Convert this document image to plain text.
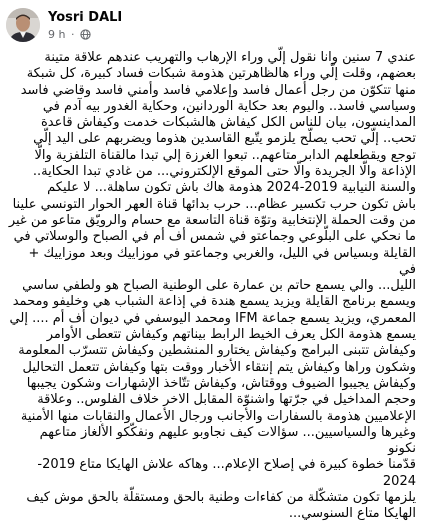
Yosri DALI
9 h ·
عندي 7 سنين وانا نقول إلّي وراء الإرهاب والتهريب عندهم علاقة متينة
بعضهم، وقلت إلّي وراء هالظاهرتين هذومة شبكات فساد كبيرة، كل شبكة
منها تتكوّن من رجل أعمال فاسد وإعلامي فاسد وأمني فاسد وقاضي فاسد
وسياسي فاسد.. واليوم بعد حكاية الوردانين، وحكاية الغدور بيه آدم في
المداينسون، بيان للناس الكل كيفاش هالشبكات خدمت وكيفاش قاعدة
تحب.. إلّي تحب يصلّح يلزمو يتّبع القاسدين هذوما ويضربهم على اليد إلّي
توجع ويقطعلهم الدابر متاعهم.. تبعوا الغرزة إلي تبدا مالقناة التلفزية والّا
الإذاعة والّا الجريدة والّا حتى الموقع الإلكتروني... من غادي تبدا الحكاية..
والسنة النيابية 2019-2024 هذومة هاك باش تكون ساهلة... لا عليكم
باش تكون حرب تكسير عظام... حرب بدائها قناة العهر الحوار التونسي علينا
من وقت الحملة الإنتخابية وتوّة قناة التاسعة مع حسام والرويّق متاعو من غير
ما نحكي على البلّوعي وجماعتو في شمس أف أم في الصباح والوسلاتي في
القايلة وبسياس في الليل، والغربي وجماعتو في موزاييك وبعد موزاييك + في
الليل... والي يسمع حاتم بن عمارة على الوطنية الصباح هو ولطفي ساسي
ويسمع برنامج القايلة ويزيد يسمع هندة في إذاعة الشباب هي وخليفو ومحمد
المعمري، ويزيد يسمع جماعة IFM ومحمد اليوسفي في ديوان أف أم .... إلي
يسمع هذومة الكل يعرف الخيط الرابط بيناتهم وكيفاش تتعطى الأوامر
وكيفاش تتبنى البرامج وكيفاش يختارو المنشطين وكيفاش تتسرّب المعلومة
وشكون وراها وكيفاش يتم إنتقاء الأخبار ووقت بتها وكيفاش تتعمل التحاليل
وكيفاش يجيبوا الضيوف ووقتاش، وكيفاش تتّاخذ الإشهارات وشكون يجيبها
وحجم المداخيل في جرّتها واشنوّة المقابل الاخر خلاف الفلوس.. وعلاقة
الإعلاميين هذومة بالسفارات والأجانب ورجال الأعمال والنقابات منها الأمنية
وغيرها والسياسيين... سؤالات كيف نجاوبو عليهم ونفكّكو الألغاز متاعهم نكونو
قدّمنا خطوة كبيرة في إصلاح الإعلام... وهاكه علاش الهايكا متاع 2019-2024
يلزمها تكون متشكّلة من كفاءات وطنية بالحق ومستقلّة بالحق موش كيف
الهايكا متاع السنوسي...
